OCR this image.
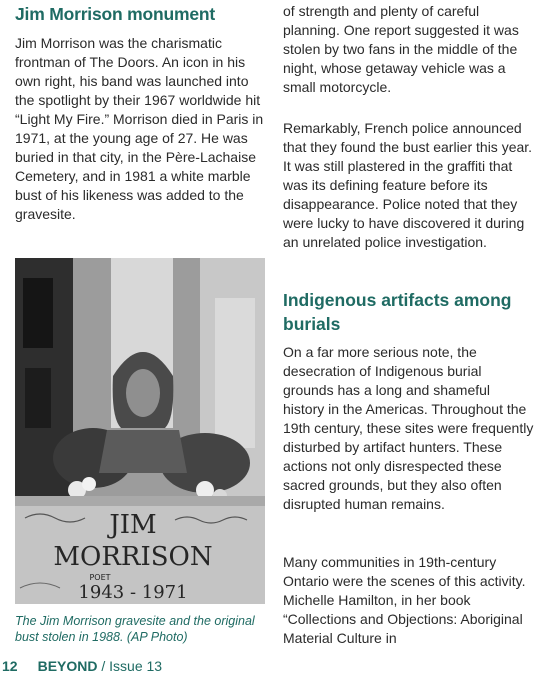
Jim Morrison monument

Jim Morrison was the charismatic frontman of The Doors. An icon in his own right, his band was launched into the spotlight by their 1967 worldwide hit “Light My Fire.” Morrison died in Paris in 1971, at the young age of 27. He was buried in that city, in the Père-Lachaise Cemetery, and in 1981 a white marble bust of his likeness was added to the gravesite.

JIM
MORRISON
POET
1943 - 1971

The Jim Morrison gravesite and the original bust stolen in 1988. (AP Photo)

of strength and plenty of careful planning. One report suggested it was stolen by two fans in the middle of the night, whose getaway vehicle was a small motorcycle.

Remarkably, French police announced that they found the bust earlier this year. It was still plastered in the graffiti that was its defining feature before its disappearance. Police noted that they were lucky to have discovered it during an unrelated police investigation.

Indigenous artifacts among burials

On a far more serious note, the desecration of Indigenous burial grounds has a long and shameful history in the Americas. Throughout the 19th century, these sites were frequently disturbed by artifact hunters. These actions not only disrespected these sacred grounds, but they also often disrupted human remains.

Many communities in 19th-century Ontario were the scenes of this activity. Michelle Hamilton, in her book “Collections and Objections: Aboriginal Material Culture in

12 BEYOND / Issue 13
